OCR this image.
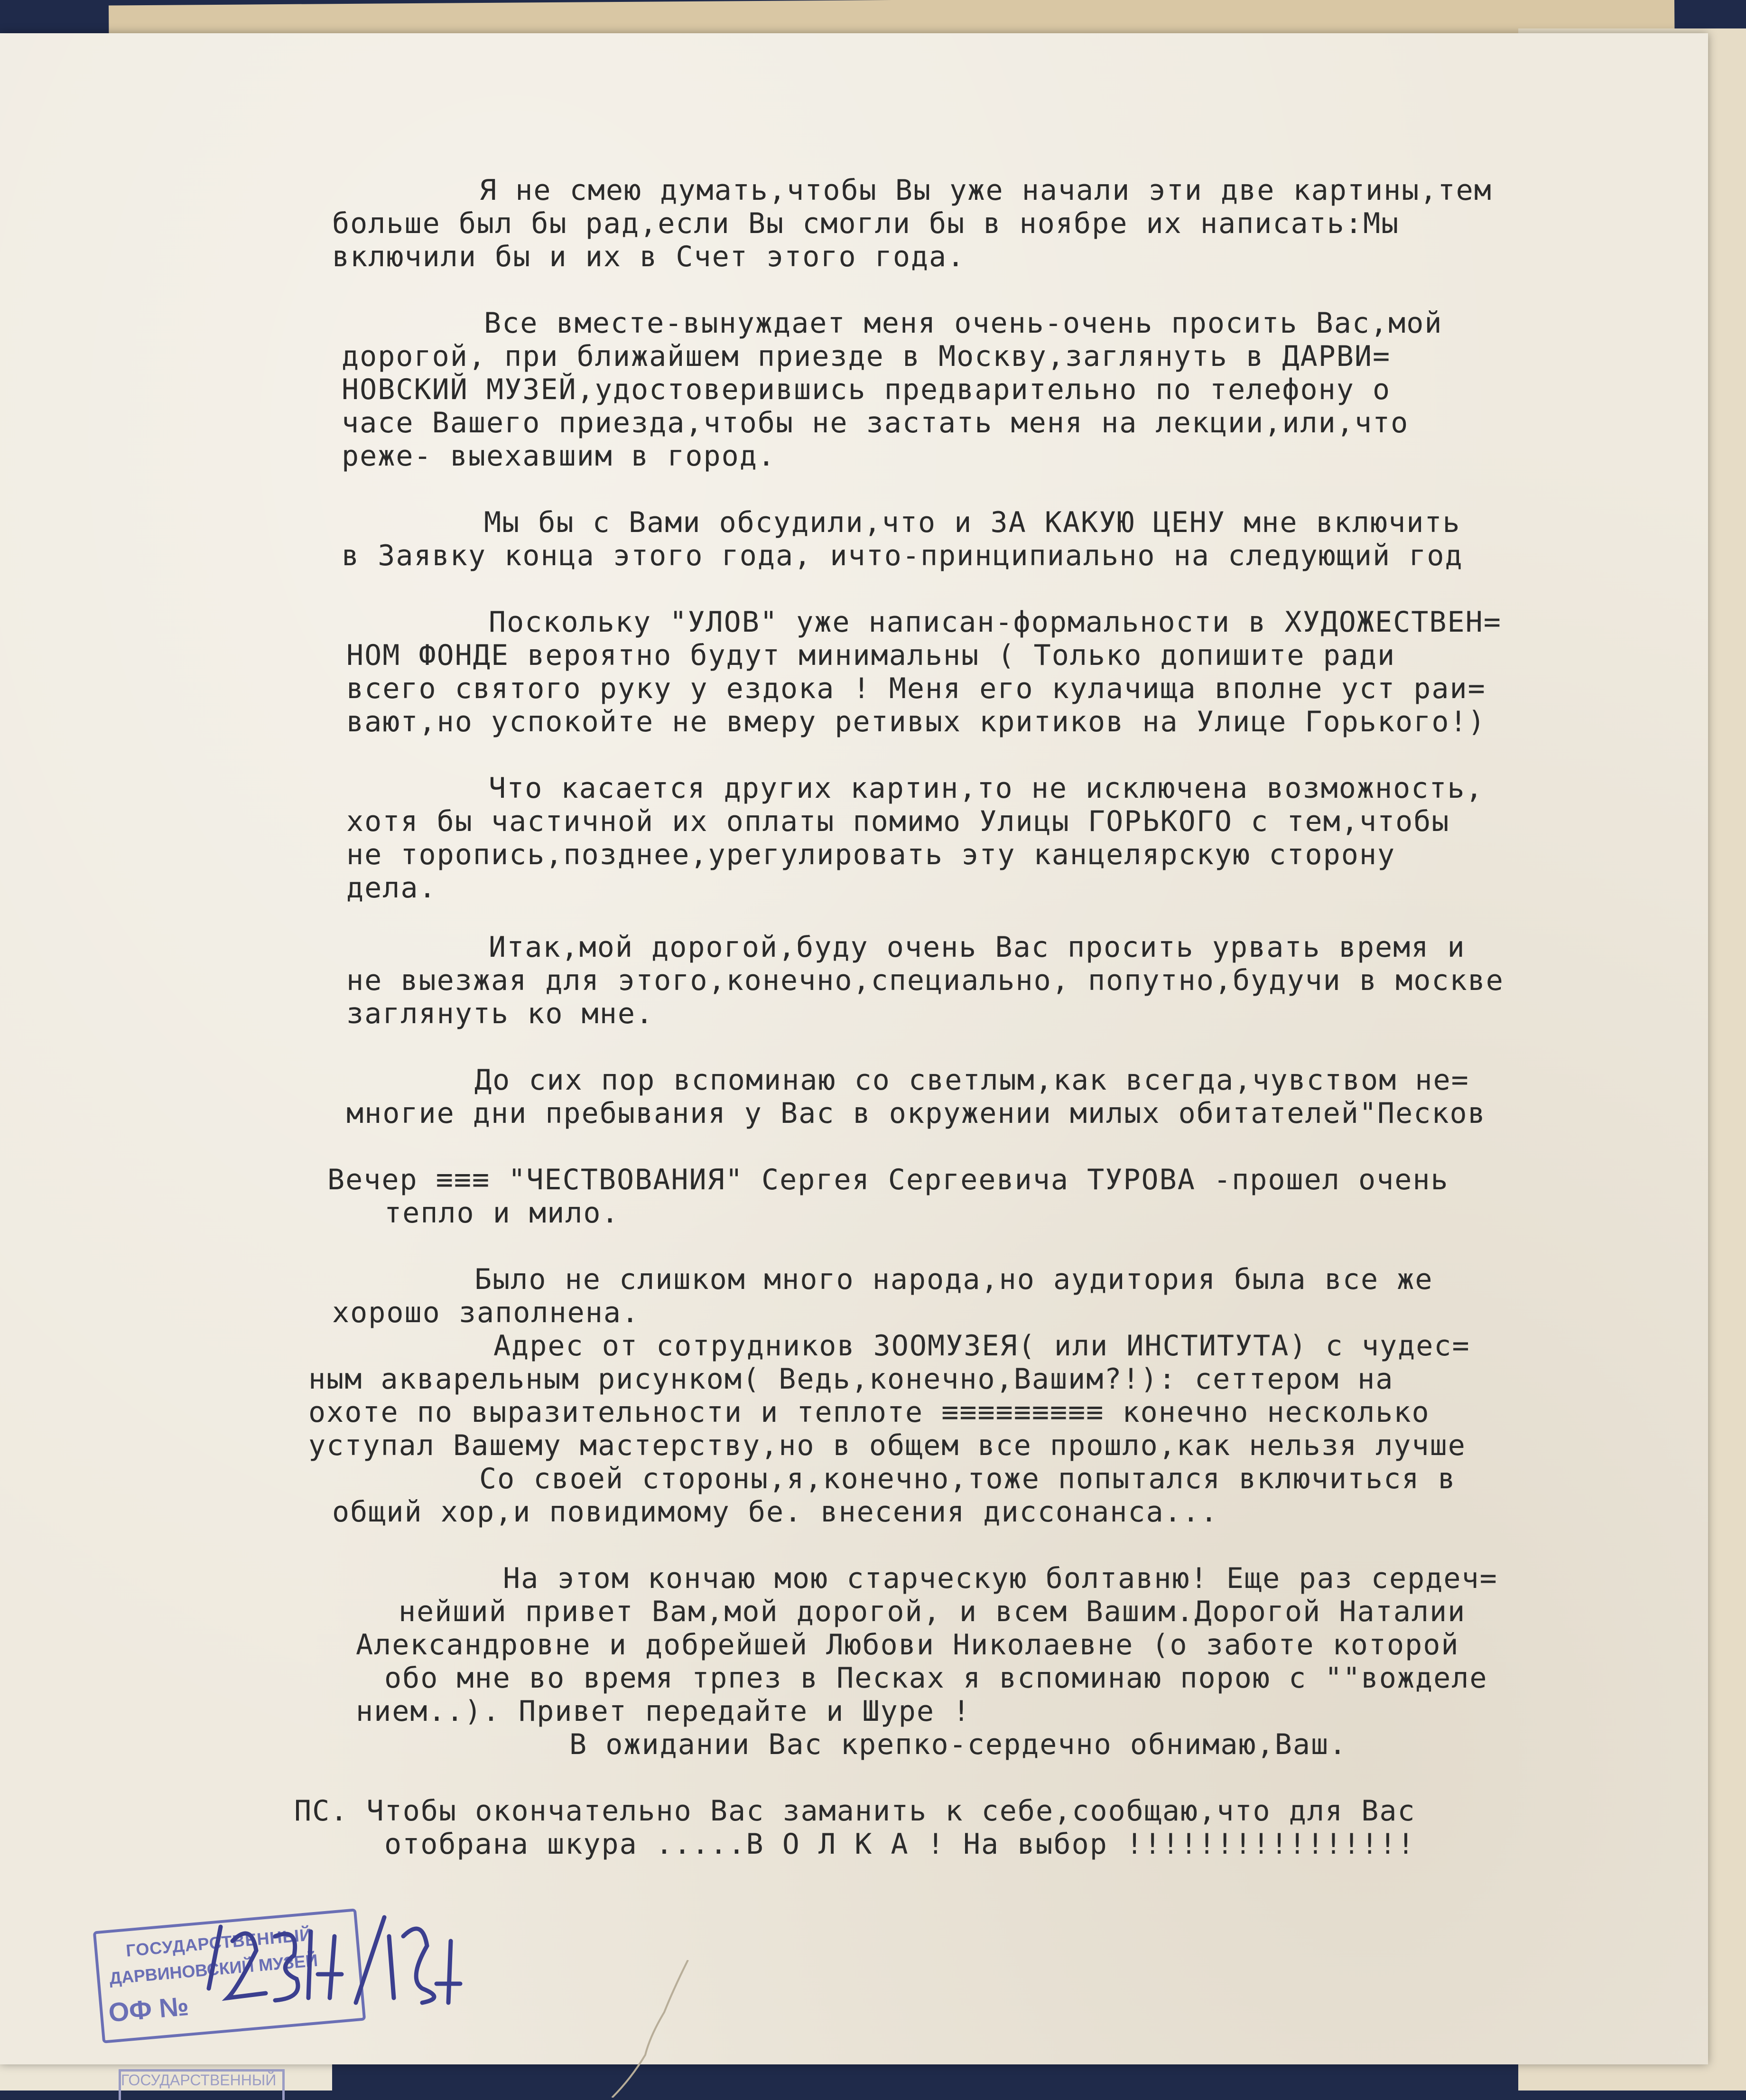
Я не смею думать,чтобы Вы уже начали эти две картины,тем
больше был бы рад,если Вы смогли бы в ноябре их написать:Мы
включили бы и их в Счет этого года.
Все вместе-вынуждает меня очень-очень просить Вас,мой
дорогой, при ближайшем приезде в Москву,заглянуть в ДАРВИ=
НОВСКИЙ МУЗЕЙ,удостоверившись предварительно по телефону о
часе Вашего приезда,чтобы не застать меня на лекции,или,что
реже- выехавшим в город.
Мы бы с Вами обсудили,что и ЗА КАКУЮ ЦЕНУ мне включить
в Заявку конца этого года, ичто-принципиально на следующий год
Поскольку "УЛОВ" уже написан-формальности в ХУДОЖЕСТВЕН=
НОМ ФОНДЕ вероятно будут минимальны ( Только допишите ради
всего святого руку у ездока ! Меня его кулачища вполне уст раи=
вают,но успокойте не вмеру ретивых критиков на Улице Горького!)
Что касается других картин,то не исключена возможность,
хотя бы частичной их оплаты помимо Улицы ГОРЬКОГО с тем,чтобы
не торопись,позднее,урегулировать эту канцелярскую сторону
дела.
Итак,мой дорогой,буду очень Вас просить урвать время и
не выезжая для этого,конечно,специально, попутно,будучи в москве
заглянуть ко мне.
До сих пор вспоминаю со светлым,как всегда,чувством не=
многие дни пребывания у Вас в окружении милых обитателей"Песков
Вечер ≡≡≡ "ЧЕСТВОВАНИЯ" Сергея Сергеевича ТУРОВА -прошел очень
тепло и мило.
Было не слишком много народа,но аудитория была все же
хорошо заполнена.
Адрес от сотрудников ЗООМУЗЕЯ( или ИНСТИТУТА) с чудес=
ным акварельным рисунком( Ведь,конечно,Вашим?!): сеттером на
охоте по выразительности и теплоте ≡≡≡≡≡≡≡≡≡ конечно несколько
уступал Вашему мастерству,но в общем все прошло,как нельзя лучше
Со своей стороны,я,конечно,тоже попытался включиться в
общий хор,и повидимому бе. внесения диссонанса...
На этом кончаю мою старческую болтавню! Еще раз сердеч=
нейший привет Вам,мой дорогой, и всем Вашим.Дорогой Наталии
Александровне и добрейшей Любови Николаевне (о заботе которой
обо мне во время трпез в Песках я вспоминаю порою с ""вожделе
нием..). Привет передайте и Шуре !
В ожидании Вас крепко-сердечно обнимаю,Ваш.
ПС. Чтобы окончательно Вас заманить к себе,сообщаю,что для Вас
отобрана шкура .....В О Л К А ! На выбор !!!!!!!!!!!!!!!!
ГОСУДАРСТВЕННЫЙ
ДАРВИНОВСКИЙ МУЗЕЙ
ОФ №
ГОСУДАРСТВЕННЫЙ
